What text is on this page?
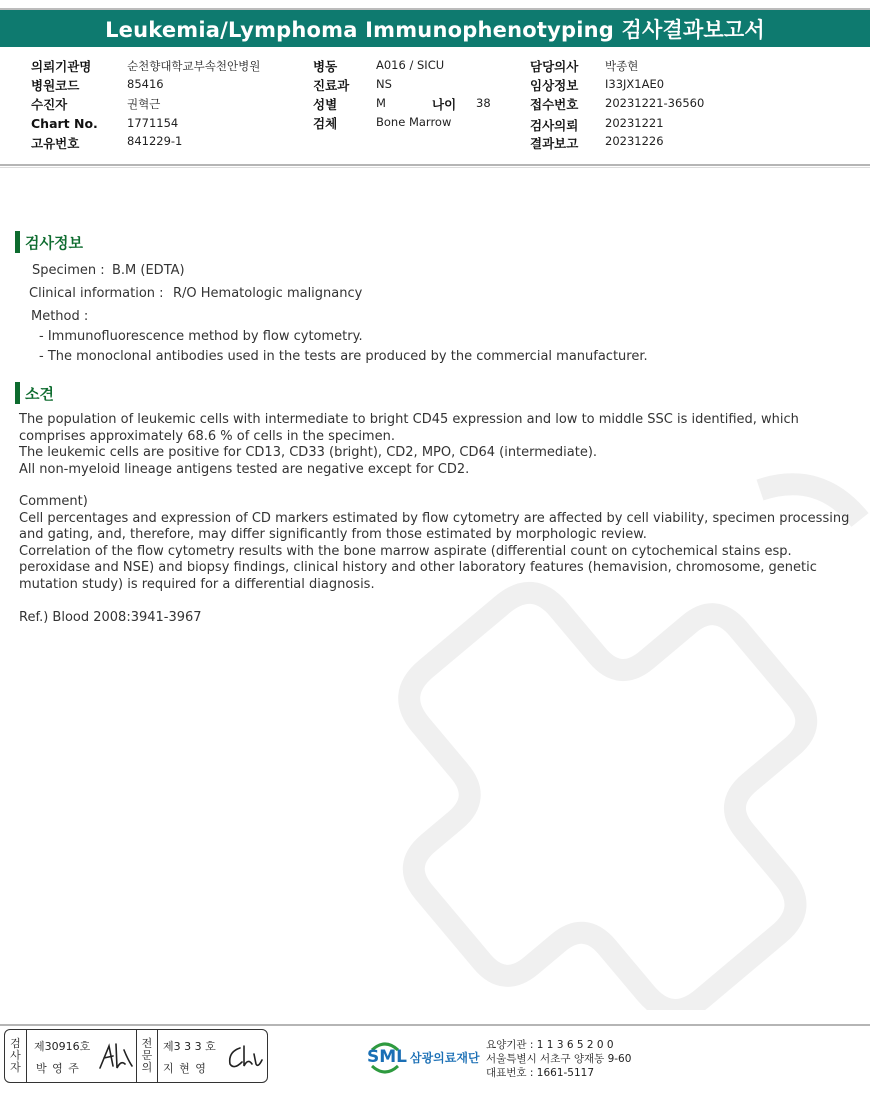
Leukemia/Lymphoma Immunophenotyping 검사결과보고서
의뢰기관명	순천향대학교부속천안병원
병원코드	85416
수진자	권혁근
Chart No.	1771154
고유번호	841229-1
병동	A016 / SICU
진료과 NS
성별	M	나이 38
검체	Bone Marrow
담당의사 박종현
임상정보 I33JX1AE0
접수번호 20231221-36560
검사의뢰 20231221
결과보고 20231226
검사정보
Specimen : B.M (EDTA)
Clinical information : R/O Hematologic malignancy
Method :
- Immunofluorescence method by flow cytometry.
- The monoclonal antibodies used in the tests are produced by the commercial manufacturer.
소견
The population of leukemic cells with intermediate to bright CD45 expression and low to middle SSC is identified, which
comprises approximately 68.6 % of cells in the specimen.
The leukemic cells are positive for CD13, CD33 (bright), CD2, MPO, CD64 (intermediate).
All non-myeloid lineage antigens tested are negative except for CD2.
Comment)
Cell percentages and expression of CD markers estimated by flow cytometry are affected by cell viability, specimen processing
and gating, and, therefore, may differ significantly from those estimated by morphologic review.
Correlation of the flow cytometry results with the bone marrow aspirate (differential count on cytochemical stains esp.
peroxidase and NSE) and biopsy findings, clinical history and other laboratory features (hemavision, chromosome, genetic
mutation study) is required for a differential diagnosis.
Ref.) Blood 2008:3941-3967
검
사
자
제30916호
박 영 주
전
문
의
제3 3 3 호
지 현 영
SML 삼광의료재단
요양기관 : 1 1 3 6 5 2 0 0
서울특별시 서초구 양재동 9-60
대표번호 : 1661-5117
